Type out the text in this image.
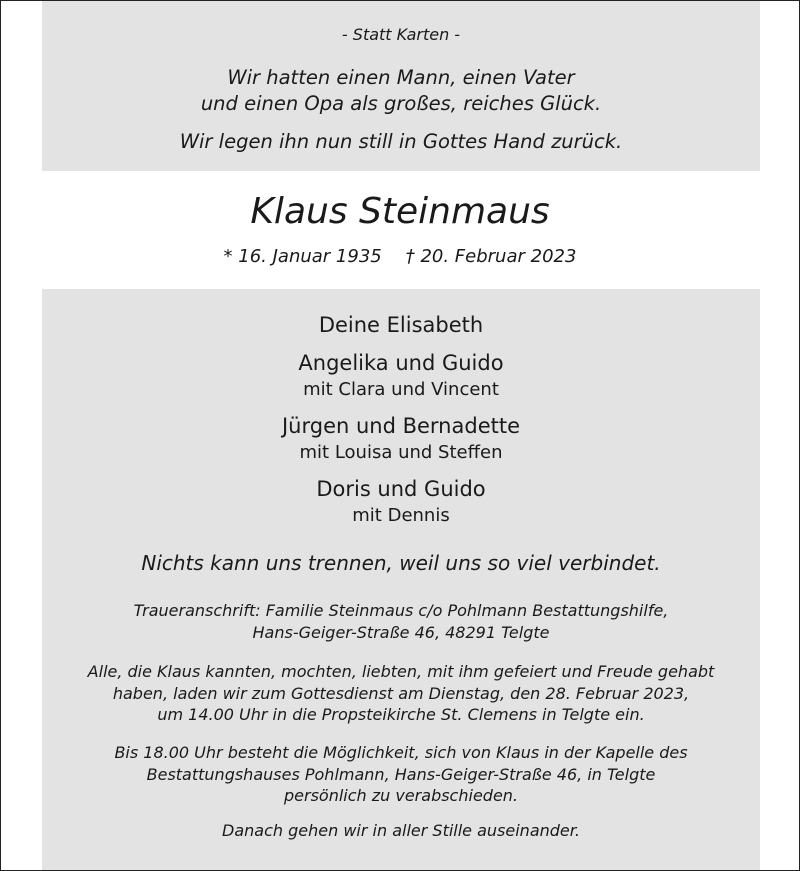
- Statt Karten -
Wir hatten einen Mann, einen Vater
und einen Opa als großes, reiches Glück.
Wir legen ihn nun still in Gottes Hand zurück.
Klaus Steinmaus
* 16. Januar 1935 † 20. Februar 2023
Deine Elisabeth
Angelika und Guido
mit Clara und Vincent
Jürgen und Bernadette
mit Louisa und Steffen
Doris und Guido
mit Dennis
Nichts kann uns trennen, weil uns so viel verbindet.
Traueranschrift: Familie Steinmaus c/o Pohlmann Bestattungshilfe,
Hans-Geiger-Straße 46, 48291 Telgte
Alle, die Klaus kannten, mochten, liebten, mit ihm gefeiert und Freude gehabt
haben, laden wir zum Gottesdienst am Dienstag, den 28. Februar 2023,
um 14.00 Uhr in die Propsteikirche St. Clemens in Telgte ein.
Bis 18.00 Uhr besteht die Möglichkeit, sich von Klaus in der Kapelle des
Bestattungshauses Pohlmann, Hans-Geiger-Straße 46, in Telgte
persönlich zu verabschieden.
Danach gehen wir in aller Stille auseinander.
